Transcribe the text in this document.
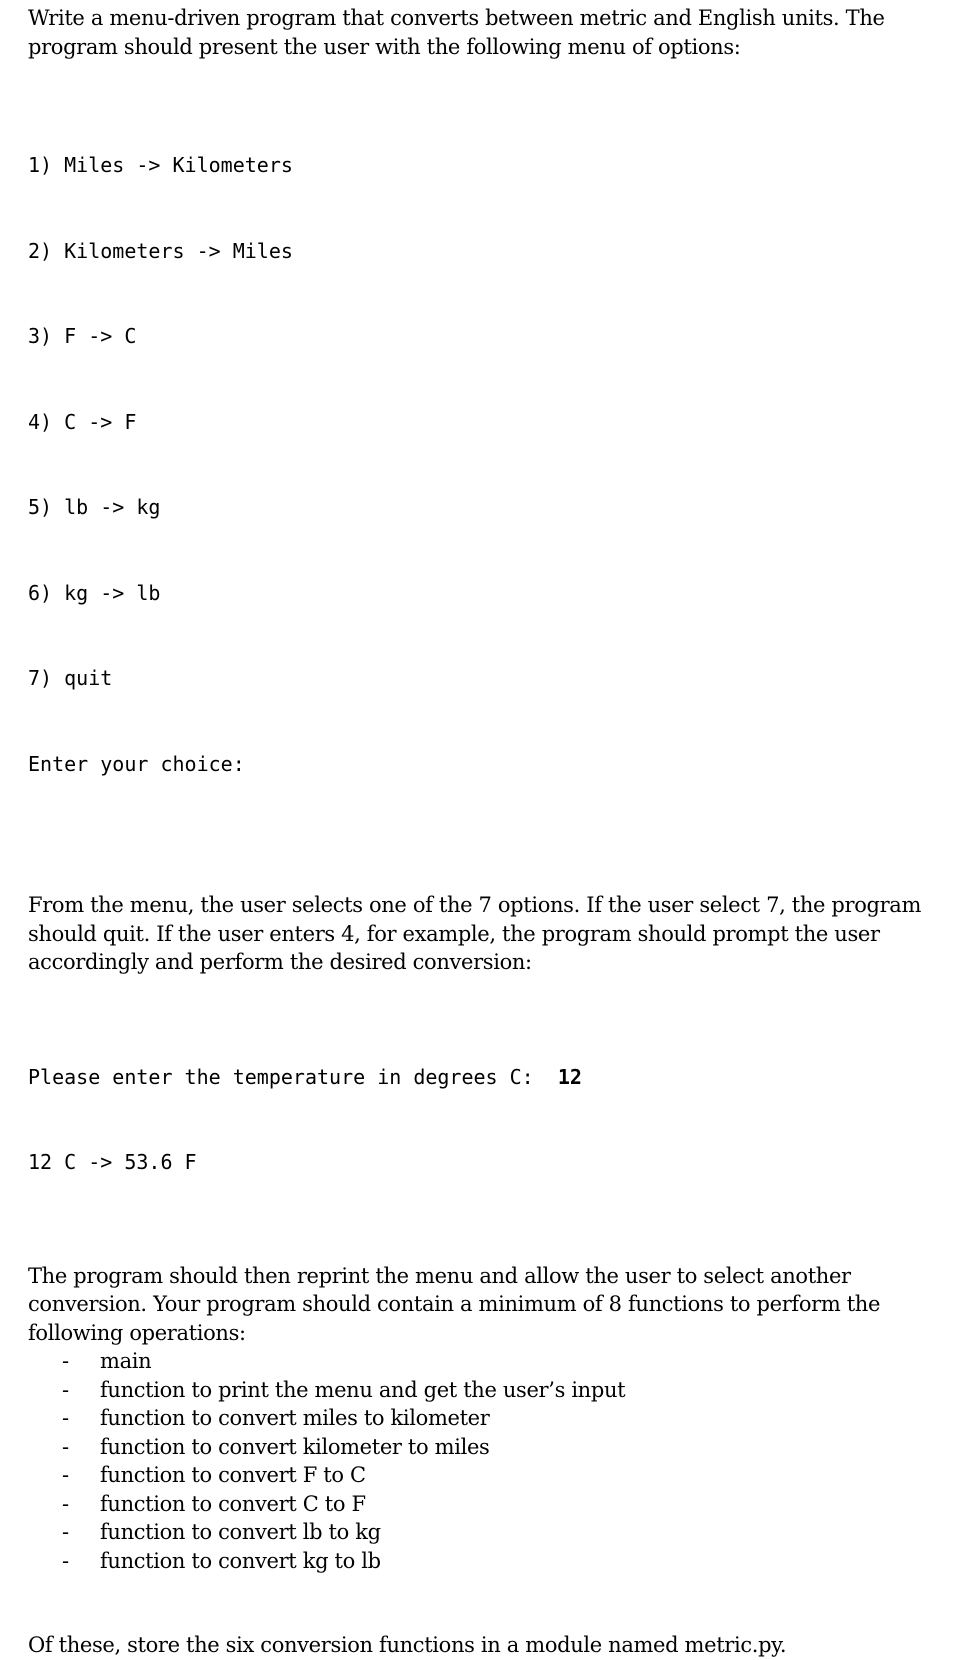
Write a menu-driven program that converts between metric and English units. The program should present the user with the following menu of options:

1) Miles -> Kilometers

2) Kilometers -> Miles

3) F -> C

4) C -> F

5) lb -> kg

6) kg -> lb

7) quit

Enter your choice:

From the menu, the user selects one of the 7 options. If the user select 7, the program should quit. If the user enters 4, for example, the program should prompt the user accordingly and perform the desired conversion:

Please enter the temperature in degrees C: 12

12 C -> 53.6 F

The program should then reprint the menu and allow the user to select another conversion. Your program should contain a minimum of 8 functions to perform the following operations:

- main
- function to print the menu and get the user’s input
- function to convert miles to kilometer
- function to convert kilometer to miles
- function to convert F to C
- function to convert C to F
- function to convert lb to kg
- function to convert kg to lb

Of these, store the six conversion functions in a module named metric.py.
